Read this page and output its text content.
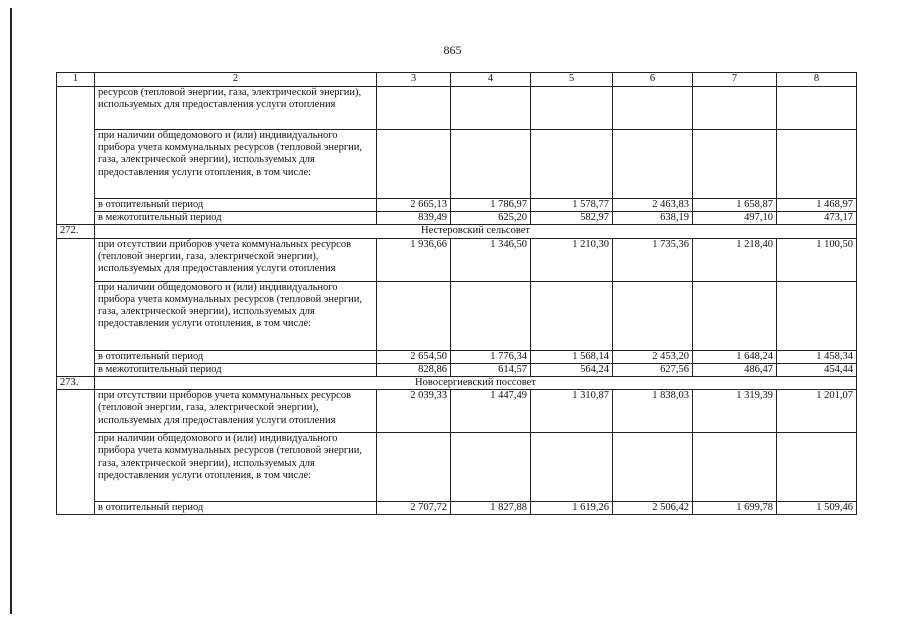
865
1	2	3	4	5	6	7	8
	ресурсов (тепловой энергии, газа, электрической энергии), используемых для предоставления услуги отопления						
	при наличии общедомового и (или) индивидуального прибора учета коммунальных ресурсов (тепловой энергии, газа, электрической энергии), используемых для предоставления услуги отопления, в том числе:						
	в отопительный период	2 665,13	1 786,97	1 578,77	2 463,83	1 658,87	1 468,97
	в межотопительный период	839,49	625,20	582,97	638,19	497,10	473,17
272.	Нестеровский сельсовет						
	при отсутствии приборов учета коммунальных ресурсов (тепловой энергии, газа, электрической энергии), используемых для предоставления услуги отопления	1 936,66	1 346,50	1 210,30	1 735,36	1 218,40	1 100,50
	при наличии общедомового и (или) индивидуального прибора учета коммунальных ресурсов (тепловой энергии, газа, электрической энергии), используемых для предоставления услуги отопления, в том числе:						
	в отопительный период	2 654,50	1 776,34	1 568,14	2 453,20	1 648,24	1 458,34
	в межотопительный период	828,86	614,57	564,24	627,56	486,47	454,44
273.	Новосергиевский поссовет						
	при отсутствии приборов учета коммунальных ресурсов (тепловой энергии, газа, электрической энергии), используемых для предоставления услуги отопления	2 039,33	1 447,49	1 310,87	1 838,03	1 319,39	1 201,07
	при наличии общедомового и (или) индивидуального прибора учета коммунальных ресурсов (тепловой энергии, газа, электрической энергии), используемых для предоставления услуги отопления, в том числе:						
	в отопительный период	2 707,72	1 827,88	1 619,26	2 506,42	1 699,78	1 509,46
